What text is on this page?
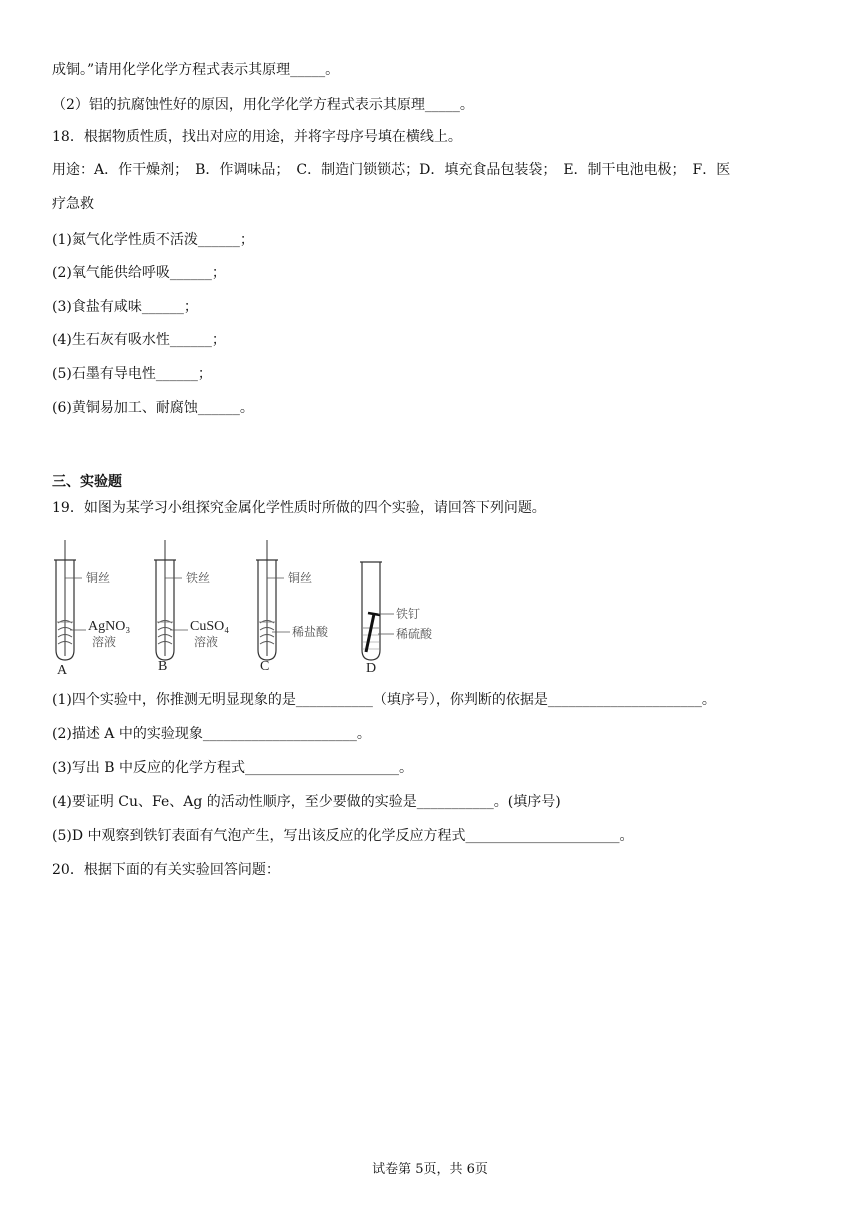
成铜。”请用化学化学方程式表示其原理_____。
（2）铝的抗腐蚀性好的原因，用化学化学方程式表示其原理_____。
18．根据物质性质，找出对应的用途，并将字母序号填在横线上。
用途：A．作干燥剂；　B．作调味品；　C．制造门锁锁芯；D．填充食品包装袋；　E．制干电池电极；　F．医
疗急救
(1)氮气化学性质不活泼______；
(2)氧气能供给呼吸______；
(3)食盐有咸味______；
(4)生石灰有吸水性______；
(5)石墨有导电性______；
(6)黄铜易加工、耐腐蚀______。
三、实验题
19．如图为某学习小组探究金属化学性质时所做的四个实验，请回答下列问题。
铜丝
AgNO₃
溶液
A
铁丝
CuSO₄
溶液
B
铜丝
稀盐酸
C
铁钉
稀硫酸
D
(1)四个实验中，你推测无明显现象的是___________（填序号），你判断的依据是______________________。
(2)描述 A 中的实验现象______________________。
(3)写出 B 中反应的化学方程式______________________。
(4)要证明 Cu、Fe、Ag 的活动性顺序，至少要做的实验是___________。(填序号)
(5)D 中观察到铁钉表面有气泡产生，写出该反应的化学反应方程式______________________。
20．根据下面的有关实验回答问题：
试卷第 5页，共 6页
